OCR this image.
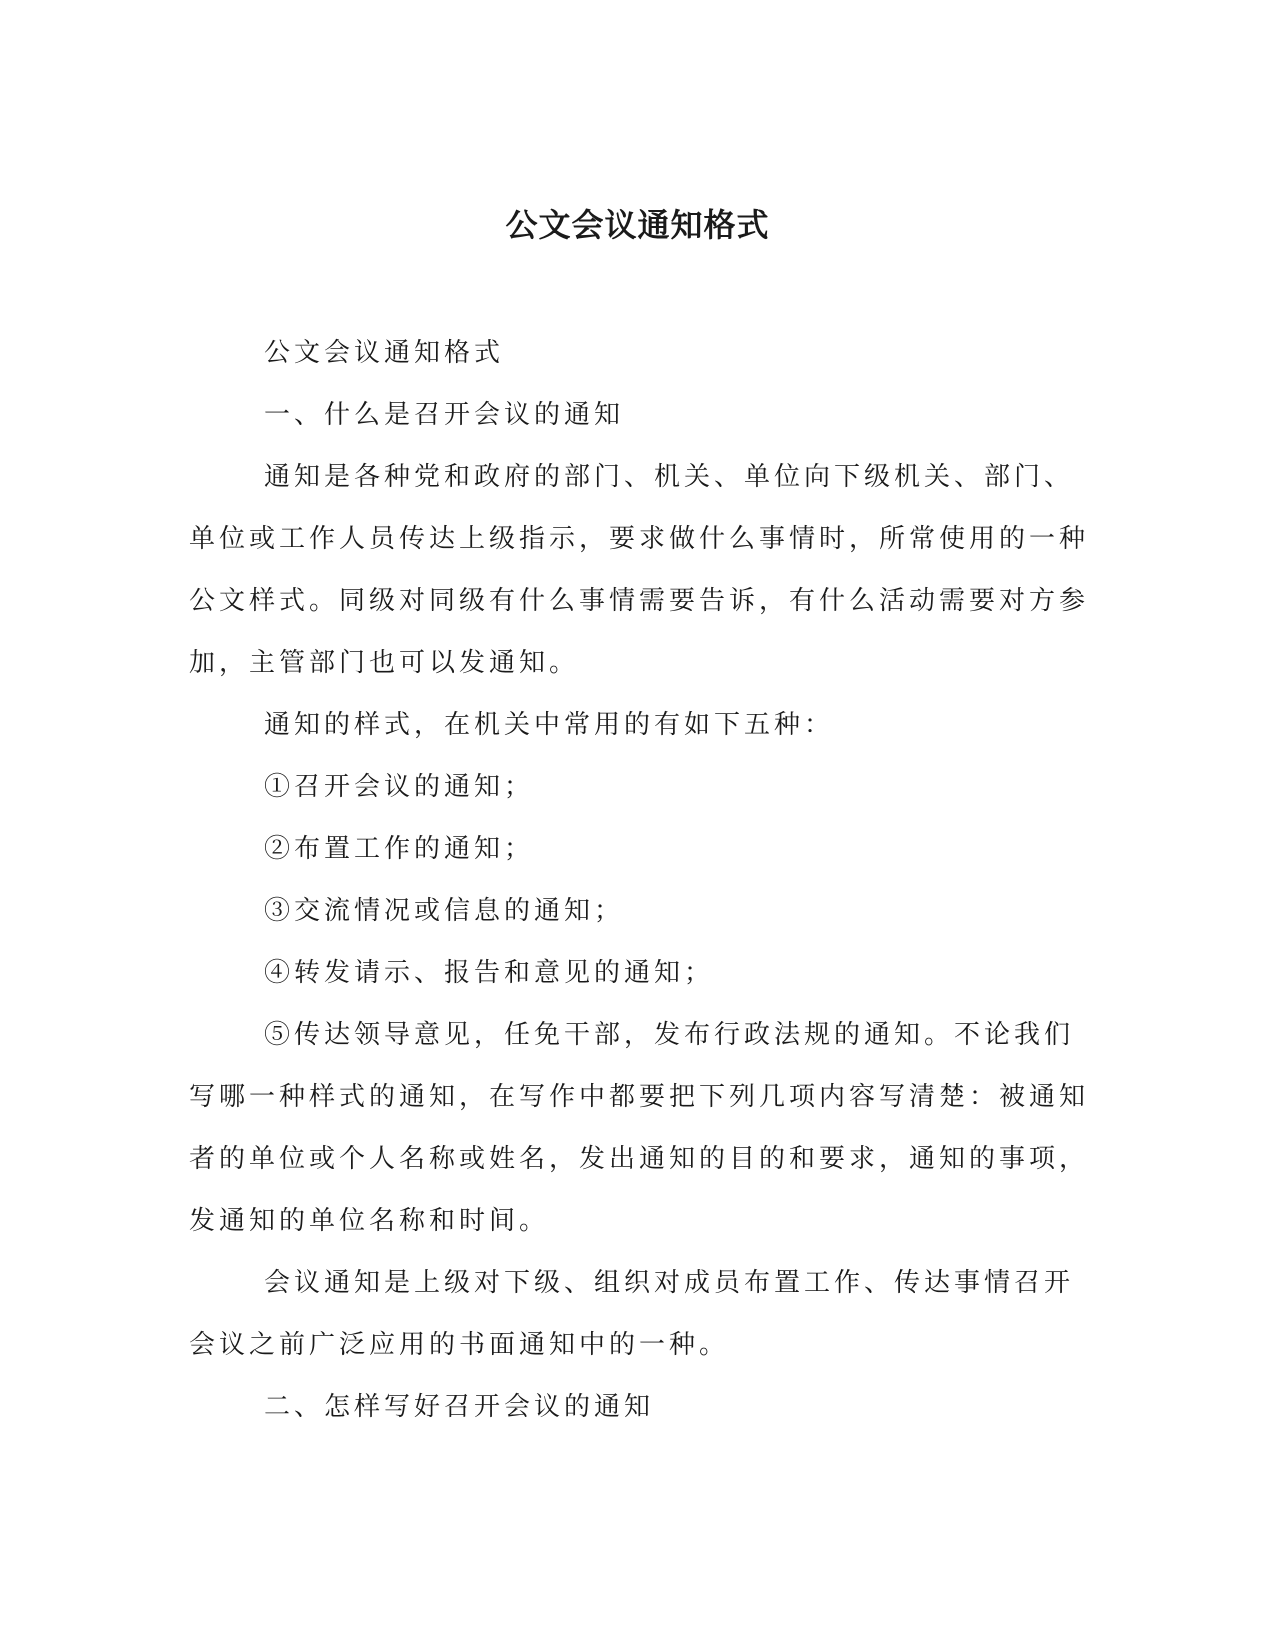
公文会议通知格式

公文会议通知格式

一、什么是召开会议的通知

通知是各种党和政府的部门、机关、单位向下级机关、部门、单位或工作人员传达上级指示，要求做什么事情时，所常使用的一种公文样式。同级对同级有什么事情需要告诉，有什么活动需要对方参加，主管部门也可以发通知。

通知的样式，在机关中常用的有如下五种：

①召开会议的通知；

②布置工作的通知；

③交流情况或信息的通知；

④转发请示、报告和意见的通知；

⑤传达领导意见，任免干部，发布行政法规的通知。不论我们写哪一种样式的通知，在写作中都要把下列几项内容写清楚：被通知者的单位或个人名称或姓名，发出通知的目的和要求，通知的事项，发通知的单位名称和时间。

会议通知是上级对下级、组织对成员布置工作、传达事情召开会议之前广泛应用的书面通知中的一种。

二、怎样写好召开会议的通知
